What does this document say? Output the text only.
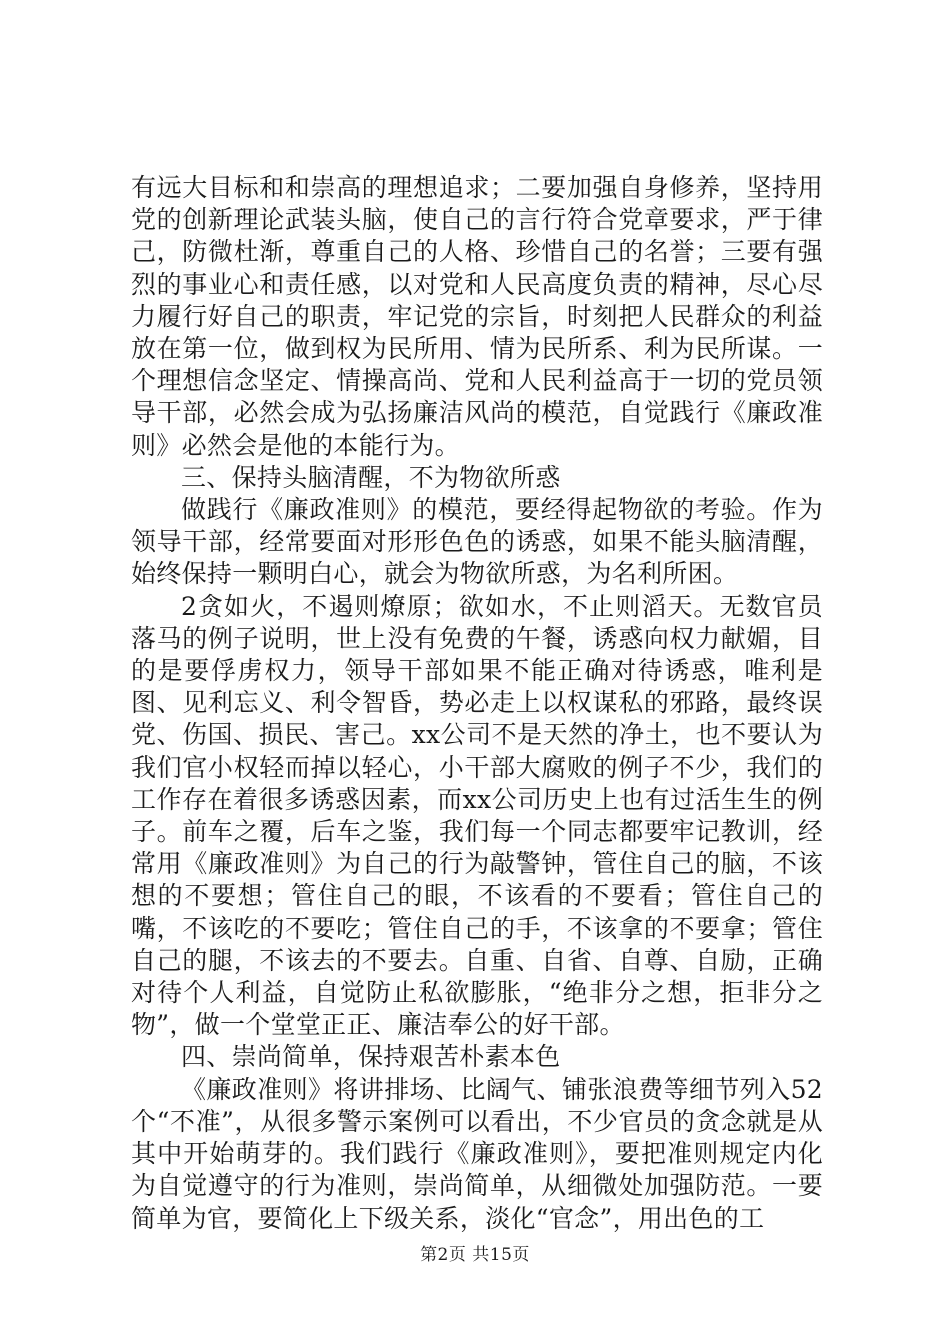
有远大目标和和崇高的理想追求；二要加强自身修养，坚持用党的创新理论武装头脑，使自己的言行符合党章要求，严于律己，防微杜渐，尊重自己的人格、珍惜自己的名誉；三要有强烈的事业心和责任感，以对党和人民高度负责的精神，尽心尽力履行好自己的职责，牢记党的宗旨，时刻把人民群众的利益放在第一位，做到权为民所用、情为民所系、利为民所谋。一个理想信念坚定、情操高尚、党和人民利益高于一切的党员领导干部，必然会成为弘扬廉洁风尚的模范，自觉践行《廉政准则》必然会是他的本能行为。

三、保持头脑清醒，不为物欲所惑

做践行《廉政准则》的模范，要经得起物欲的考验。作为领导干部，经常要面对形形色色的诱惑，如果不能头脑清醒，始终保持一颗明白心，就会为物欲所惑，为名利所困。

2贪如火，不遏则燎原；欲如水，不止则滔天。无数官员落马的例子说明，世上没有免费的午餐，诱惑向权力献媚，目的是要俘虏权力，领导干部如果不能正确对待诱惑，唯利是图、见利忘义、利令智昏，势必走上以权谋私的邪路，最终误党、伤国、损民、害己。xx公司不是天然的净土，也不要认为我们官小权轻而掉以轻心，小干部大腐败的例子不少，我们的工作存在着很多诱惑因素，而xx公司历史上也有过活生生的例子。前车之覆，后车之鉴，我们每一个同志都要牢记教训，经常用《廉政准则》为自己的行为敲警钟，管住自己的脑，不该想的不要想；管住自己的眼，不该看的不要看；管住自己的嘴，不该吃的不要吃；管住自己的手，不该拿的不要拿；管住自己的腿，不该去的不要去。自重、自省、自尊、自励，正确对待个人利益，自觉防止私欲膨胀，“绝非分之想，拒非分之物”，做一个堂堂正正、廉洁奉公的好干部。

四、崇尚简单，保持艰苦朴素本色

《廉政准则》将讲排场、比阔气、铺张浪费等细节列入52个“不准”，从很多警示案例可以看出，不少官员的贪念就是从其中开始萌芽的。我们践行《廉政准则》，要把准则规定内化为自觉遵守的行为准则，崇尚简单，从细微处加强防范。一要简单为官，要简化上下级关系，淡化“官念”，用出色的工

第2页 共15页
